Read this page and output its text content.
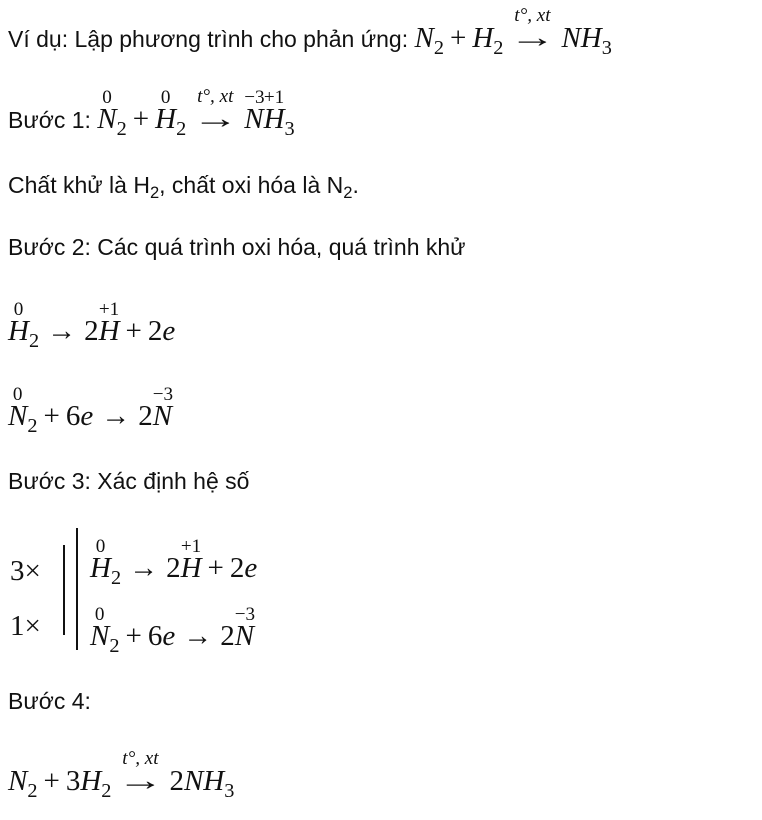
Ví dụ: Lập phương trình cho phản ứng: $N_2 + H_2$
t°, xt
→ $NH_3$
Bước 1:
0
$N_2$ +
0
$H_2$
t°, xt
→
−3
N
+1
$H_3$
Chất khử là $H_2$, chất oxi hóa là $N_2$.
Bước 2: Các quá trình oxi hóa, quá trình khử
0
$H_2 \to 2$
+1
H + 2e
0
$N_2 + 6e \to 2$
−3
N
Bước 3: Xác định hệ số
3×
1×
0
$H_2 \to 2$
+1
H + 2e
0
$N_2 + 6e \to 2$
−3
N
Bước 4:
$N_2 + 3H_2$
t°, xt
→ $2NH_3$
